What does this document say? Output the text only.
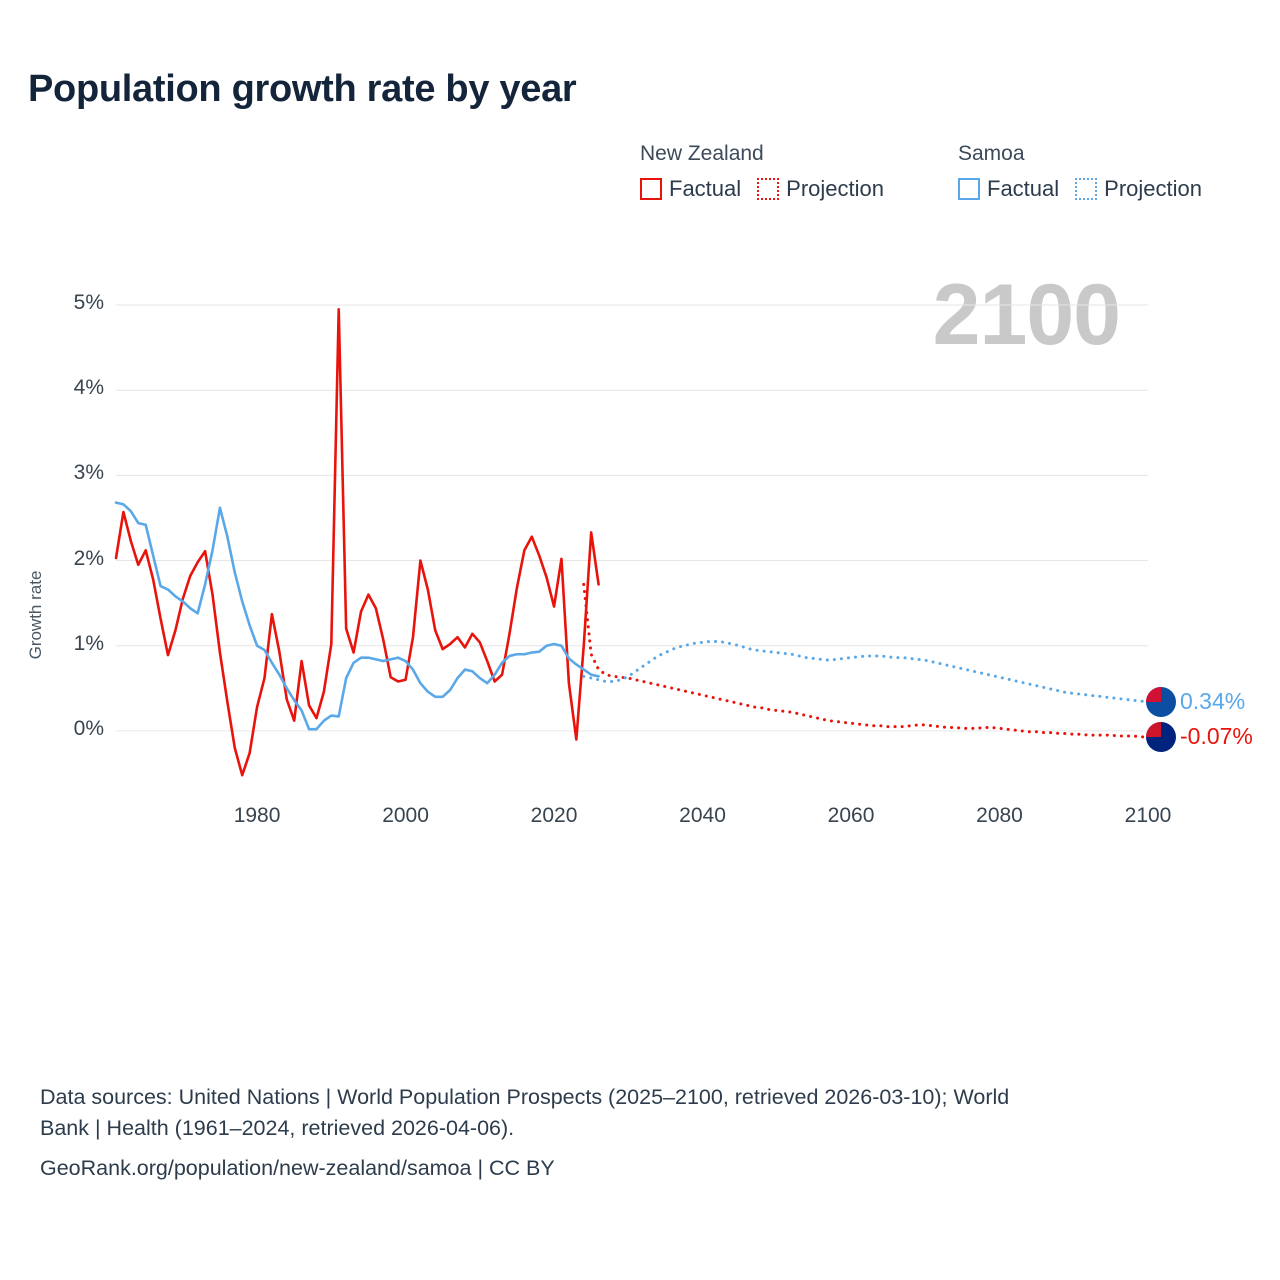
Population growth rate by year
New Zealand
Factual Projection
Samoa
Factual Projection
Growth rate
2100
0%
1%
2%
3%
4%
5%
1980	2000	2020	2040	2060	2080	2100
0.34%
-0.07%
Data sources: United Nations | World Population Prospects (2025–2100, retrieved 2026-03-10); World
Bank | Health (1961–2024, retrieved 2026-04-06).
GeoRank.org/population/new-zealand/samoa | CC BY
